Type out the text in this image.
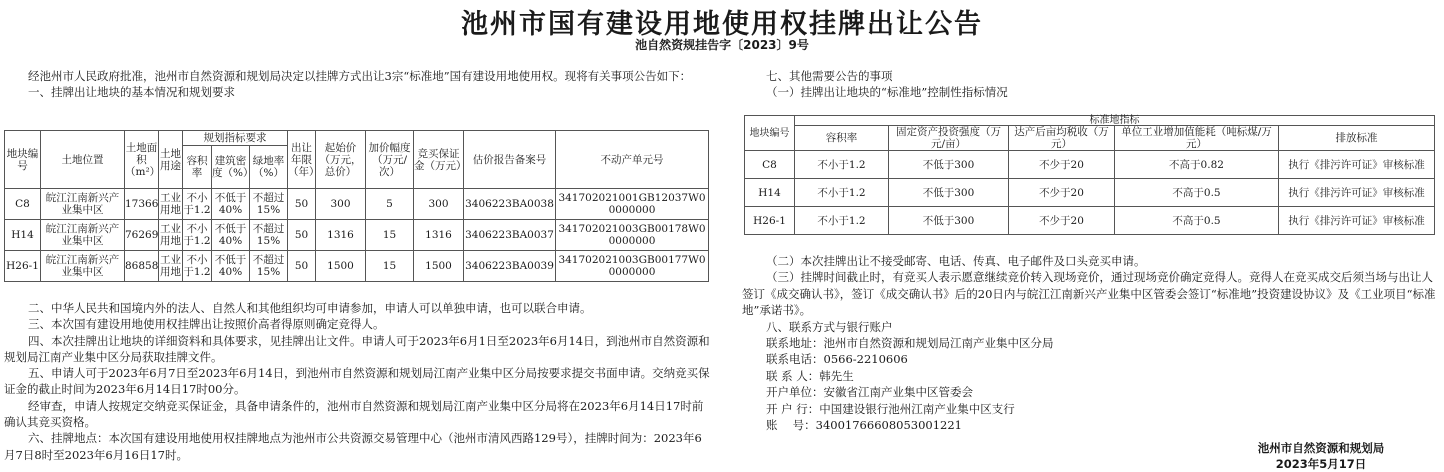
池州市国有建设用地使用权挂牌出让公告
池自然资规挂告字〔2023〕9号

经池州市人民政府批准，池州市自然资源和规划局决定以挂牌方式出让3宗“标准地”国有建设用地使用权。现将有关事项公告如下：

一、挂牌出让地块的基本情况和规划要求

地块编号	土地位置	土地面积（m²）	土地用途	规划指标要求			出让年限（年）	起始价（万元，总价）	加价幅度（万元/次）	竞买保证金（万元）	估价报告备案号	不动产单元号
				容积率	建筑密度（%）	绿地率（%）						
C8	皖江江南新兴产业集中区	17366	工业用地	不小于1.2	不低于40%	不超过15%	50	300	5	300	3406223BA0038	341702021001GB12037W00000000
H14	皖江江南新兴产业集中区	76269	工业用地	不小于1.2	不低于40%	不超过15%	50	1316	15	1316	3406223BA0037	341702021003GB00178W00000000
H26-1	皖江江南新兴产业集中区	86858	工业用地	不小于1.2	不低于40%	不超过15%	50	1500	15	1500	3406223BA0039	341702021003GB00177W00000000

二、中华人民共和国境内外的法人、自然人和其他组织均可申请参加，申请人可以单独申请，也可以联合申请。

三、本次国有建设用地使用权挂牌出让按照价高者得原则确定竞得人。

四、本次挂牌出让地块的详细资料和具体要求，见挂牌出让文件。申请人可于2023年6月1日至2023年6月14日，到池州市自然资源和规划局江南产业集中区分局获取挂牌文件。

五、申请人可于2023年6月7日至2023年6月14日，到池州市自然资源和规划局江南产业集中区分局按要求提交书面申请。交纳竞买保证金的截止时间为2023年6月14日17时00分。

经审查，申请人按规定交纳竞买保证金，具备申请条件的，池州市自然资源和规划局江南产业集中区分局将在2023年6月14日17时前确认其竞买资格。

六、挂牌地点：本次国有建设用地使用权挂牌地点为池州市公共资源交易管理中心（池州市清风西路129号），挂牌时间为：2023年6月7日8时至2023年6月16日17时。

七、其他需要公告的事项

（一）挂牌出让地块的“标准地”控制性指标情况

地块编号	标准地指标				
	容积率	固定资产投资强度（万元/亩）	达产后亩均税收（万元）	单位工业增加值能耗（吨标煤/万元）	排放标准
C8	不小于1.2	不低于300	不少于20	不高于0.82	执行《排污许可证》审核标准
H14	不小于1.2	不低于300	不少于20	不高于0.5	执行《排污许可证》审核标准
H26-1	不小于1.2	不低于300	不少于20	不高于0.5	执行《排污许可证》审核标准

（二）本次挂牌出让不接受邮寄、电话、传真、电子邮件及口头竞买申请。

（三）挂牌时间截止时，有竞买人表示愿意继续竞价转入现场竞价，通过现场竞价确定竞得人。竞得人在竞买成交后须当场与出让人签订《成交确认书》，签订《成交确认书》后的20日内与皖江江南新兴产业集中区管委会签订“标准地”投资建设协议》及《工业项目“标准地”承诺书》。

八、联系方式与银行账户

联系地址：池州市自然资源和规划局江南产业集中区分局

联系电话：0566-2210606

联 系 人：韩先生

开户单位：安徽省江南产业集中区管委会

开 户 行：中国建设银行池州江南产业集中区支行

账　 号：34001766608053001221

池州市自然资源和规划局
2023年5月17日
